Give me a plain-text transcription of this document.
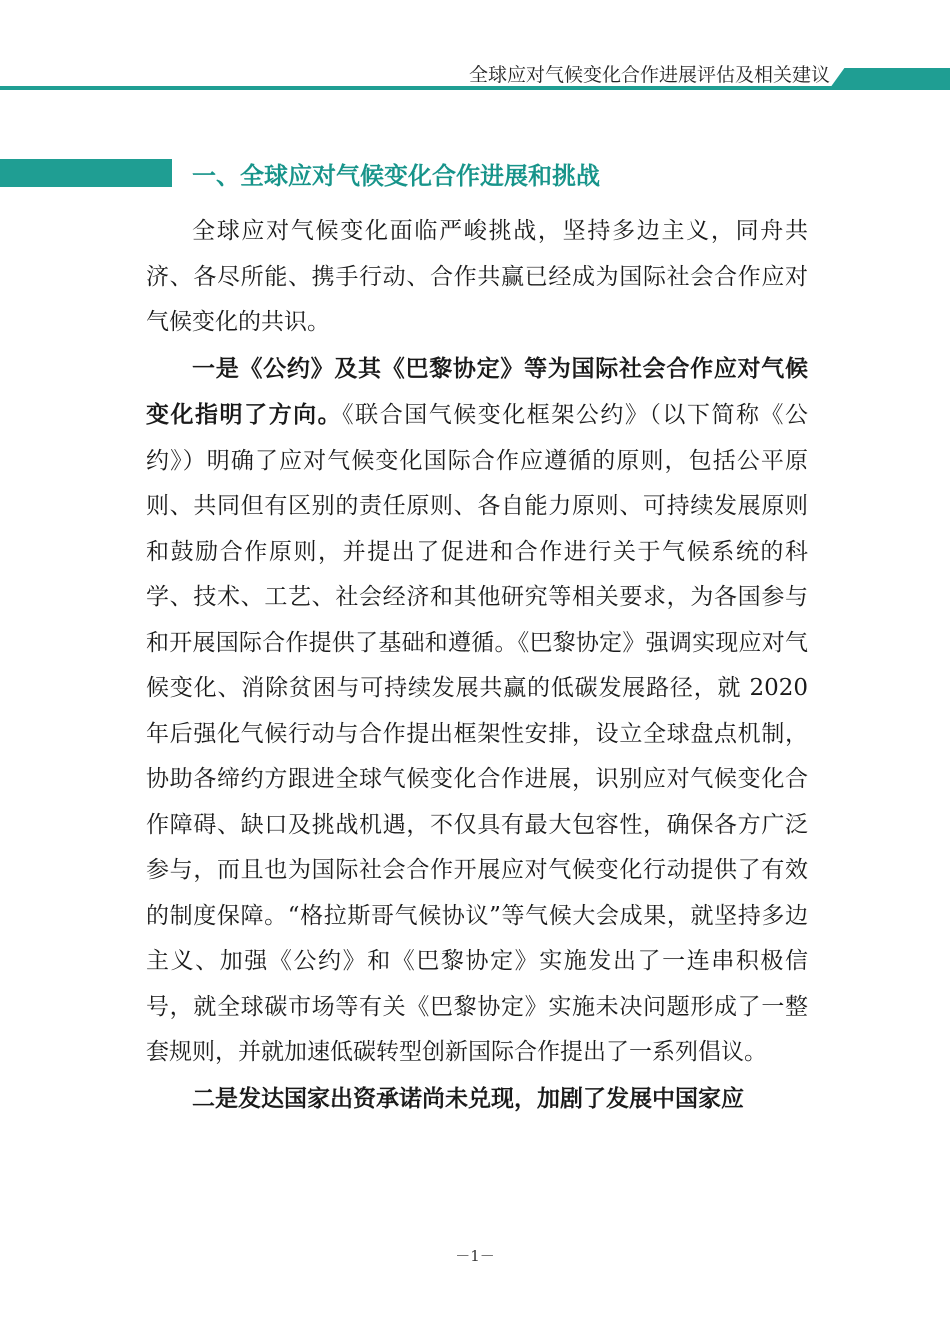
全球应对气候变化合作进展评估及相关建议
一、全球应对气候变化合作进展和挑战

全球应对气候变化面临严峻挑战，坚持多边主义，同舟共济、各尽所能、携手行动、合作共赢已经成为国际社会合作应对气候变化的共识。

一是《公约》及其《巴黎协定》等为国际社会合作应对气候变化指明了方向。《联合国气候变化框架公约》（以下简称《公约》）明确了应对气候变化国际合作应遵循的原则，包括公平原则、共同但有区别的责任原则、各自能力原则、可持续发展原则和鼓励合作原则，并提出了促进和合作进行关于气候系统的科学、技术、工艺、社会经济和其他研究等相关要求，为各国参与和开展国际合作提供了基础和遵循。《巴黎协定》强调实现应对气候变化、消除贫困与可持续发展共赢的低碳发展路径，就 2020 年后强化气候行动与合作提出框架性安排，设立全球盘点机制，协助各缔约方跟进全球气候变化合作进展，识别应对气候变化合作障碍、缺口及挑战机遇，不仅具有最大包容性，确保各方广泛参与，而且也为国际社会合作开展应对气候变化行动提供了有效的制度保障。“格拉斯哥气候协议”等气候大会成果，就坚持多边主义、加强《公约》和《巴黎协定》实施发出了一连串积极信号，就全球碳市场等有关《巴黎协定》实施未决问题形成了一整套规则，并就加速低碳转型创新国际合作提出了一系列倡议。

二是发达国家出资承诺尚未兑现，加剧了发展中国家应

－1－
